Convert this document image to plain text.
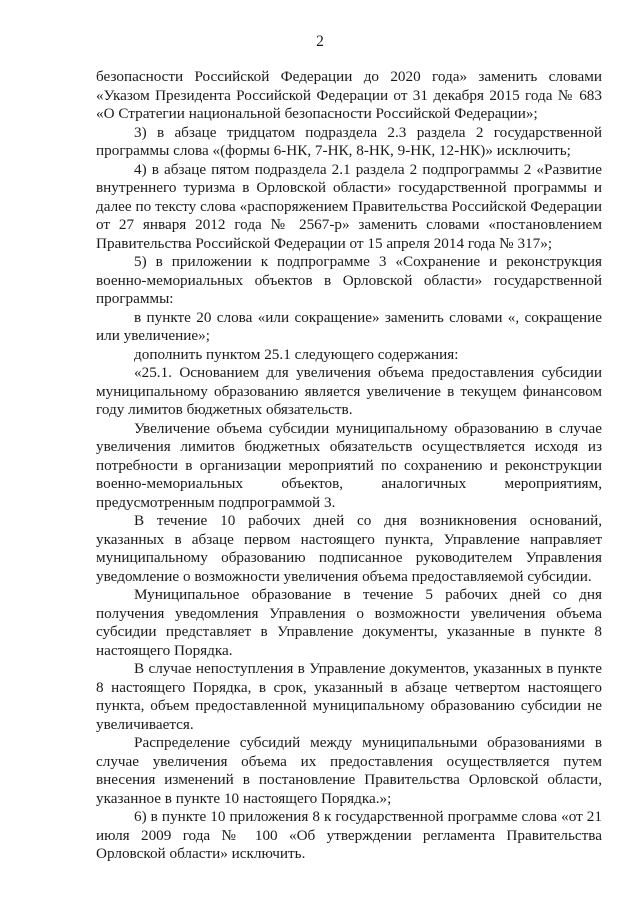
2

безопасности Российской Федерации до 2020 года» заменить словами «Указом Президента Российской Федерации от 31 декабря 2015 года № 683 «О Стратегии национальной безопасности Российской Федерации»;

3) в абзаце тридцатом подраздела 2.3 раздела 2 государственной программы слова «(формы 6-НК, 7-НК, 8-НК, 9-НК, 12-НК)» исключить;

4) в абзаце пятом подраздела 2.1 раздела 2 подпрограммы 2 «Развитие внутреннего туризма в Орловской области» государственной программы и далее по тексту слова «распоряжением Правительства Российской Федерации от 27 января 2012 года № 2567-р» заменить словами «постановлением Правительства Российской Федерации от 15 апреля 2014 года № 317»;

5) в приложении к подпрограмме 3 «Сохранение и реконструкция военно-мемориальных объектов в Орловской области» государственной программы:

в пункте 20 слова «или сокращение» заменить словами «, сокращение или увеличение»;

дополнить пунктом 25.1 следующего содержания:

«25.1. Основанием для увеличения объема предоставления субсидии муниципальному образованию является увеличение в текущем финансовом году лимитов бюджетных обязательств.

Увеличение объема субсидии муниципальному образованию в случае увеличения лимитов бюджетных обязательств осуществляется исходя из потребности в организации мероприятий по сохранению и реконструкции военно-мемориальных объектов, аналогичных мероприятиям, предусмотренным подпрограммой 3.

В течение 10 рабочих дней со дня возникновения оснований, указанных в абзаце первом настоящего пункта, Управление направляет муниципальному образованию подписанное руководителем Управления уведомление о возможности увеличения объема предоставляемой субсидии.

Муниципальное образование в течение 5 рабочих дней со дня получения уведомления Управления о возможности увеличения объема субсидии представляет в Управление документы, указанные в пункте 8 настоящего Порядка.

В случае непоступления в Управление документов, указанных в пункте 8 настоящего Порядка, в срок, указанный в абзаце четвертом настоящего пункта, объем предоставленной муниципальному образованию субсидии не увеличивается.

Распределение субсидий между муниципальными образованиями в случае увеличения объема их предоставления осуществляется путем внесения изменений в постановление Правительства Орловской области, указанное в пункте 10 настоящего Порядка.»;

6) в пункте 10 приложения 8 к государственной программе слова «от 21 июля 2009 года № 100 «Об утверждении регламента Правительства Орловской области» исключить.
